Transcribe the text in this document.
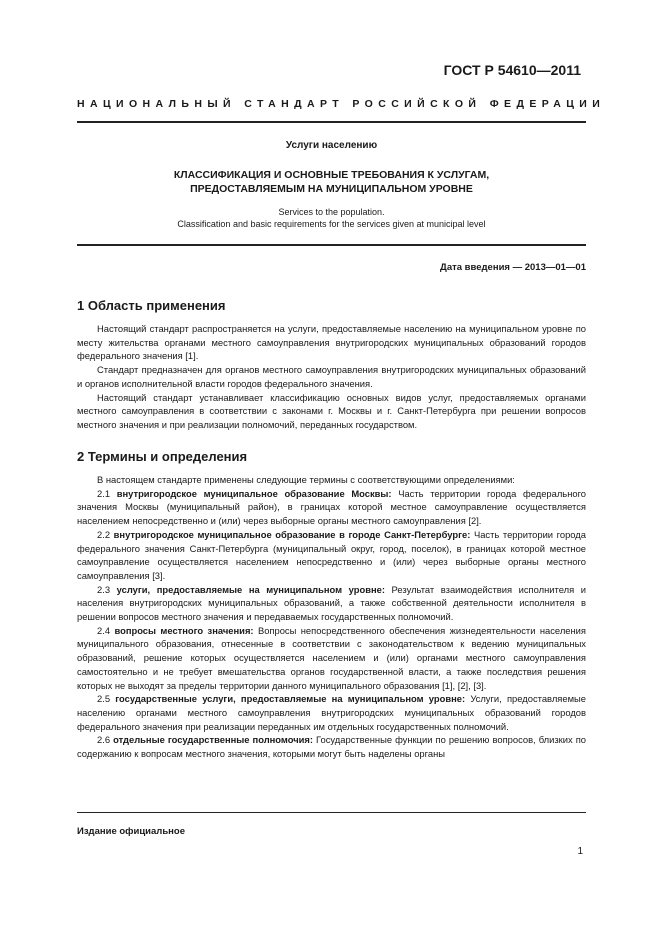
ГОСТ Р 54610—2011
НАЦИОНАЛЬНЫЙ СТАНДАРТ РОССИЙСКОЙ ФЕДЕРАЦИИ
Услуги населению
КЛАССИФИКАЦИЯ И ОСНОВНЫЕ ТРЕБОВАНИЯ К УСЛУГАМ,
ПРЕДОСТАВЛЯЕМЫМ НА МУНИЦИПАЛЬНОМ УРОВНЕ
Services to the population.
Classification and basic requirements for the services given at municipal level
Дата введения — 2013—01—01
1 Область применения

Настоящий стандарт распространяется на услуги, предоставляемые населению на муниципальном уровне по месту жительства органами местного самоуправления внутригородских муниципальных образований городов федерального значения [1].

Стандарт предназначен для органов местного самоуправления внутригородских муниципальных образований и органов исполнительной власти городов федерального значения.

Настоящий стандарт устанавливает классификацию основных видов услуг, предоставляемых органами местного самоуправления в соответствии с законами г. Москвы и г. Санкт-Петербурга при решении вопросов местного значения и при реализации полномочий, переданных государством.

2 Термины и определения

В настоящем стандарте применены следующие термины с соответствующими определениями:

2.1 внутригородское муниципальное образование Москвы: Часть территории города федерального значения Москвы (муниципальный район), в границах которой местное самоуправление осуществляется населением непосредственно и (или) через выборные органы местного самоуправления [2].

2.2 внутригородское муниципальное образование в городе Санкт-Петербурге: Часть территории города федерального значения Санкт-Петербурга (муниципальный округ, город, поселок), в границах которой местное самоуправление осуществляется населением непосредственно и (или) через выборные органы местного самоуправления [3].

2.3 услуги, предоставляемые на муниципальном уровне: Результат взаимодействия исполнителя и населения внутригородских муниципальных образований, а также собственной деятельности исполнителя в решении вопросов местного значения и передаваемых государственных полномочий.

2.4 вопросы местного значения: Вопросы непосредственного обеспечения жизнедеятельности населения муниципального образования, отнесенные в соответствии с законодательством к ведению муниципальных образований, решение которых осуществляется населением и (или) органами местного самоуправления самостоятельно и не требует вмешательства органов государственной власти, а также последствия решения которых не выходят за пределы территории данного муниципального образования [1], [2], [3].

2.5 государственные услуги, предоставляемые на муниципальном уровне: Услуги, предоставляемые населению органами местного самоуправления внутригородских муниципальных образований городов федерального значения при реализации переданных им отдельных государственных полномочий.

2.6 отдельные государственные полномочия: Государственные функции по решению вопросов, близких по содержанию к вопросам местного значения, которыми могут быть наделены органы

Издание официальное
1
